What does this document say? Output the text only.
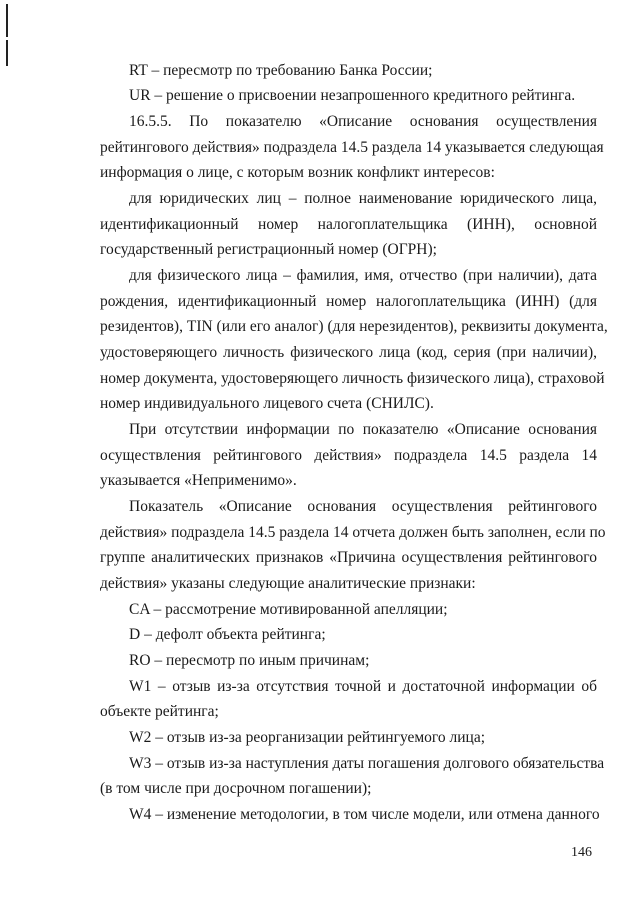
RT – пересмотр по требованию Банка России;

UR – решение о присвоении незапрошенного кредитного рейтинга.

16.5.5. По показателю «Описание основания осуществления

рейтингового действия» подраздела 14.5 раздела 14 указывается следующая

информация о лице, с которым возник конфликт интересов:

для юридических лиц – полное наименование юридического лица,

идентификационный номер налогоплательщика (ИНН), основной

государственный регистрационный номер (ОГРН);

для физического лица – фамилия, имя, отчество (при наличии), дата

рождения, идентификационный номер налогоплательщика (ИНН) (для

резидентов), TIN (или его аналог) (для нерезидентов), реквизиты документа,

удостоверяющего личность физического лица (код, серия (при наличии),

номер документа, удостоверяющего личность физического лица), страховой

номер индивидуального лицевого счета (СНИЛС).

При отсутствии информации по показателю «Описание основания

осуществления рейтингового действия» подраздела 14.5 раздела 14

указывается «Неприменимо».

Показатель «Описание основания осуществления рейтингового

действия» подраздела 14.5 раздела 14 отчета должен быть заполнен, если по

группе аналитических признаков «Причина осуществления рейтингового

действия» указаны следующие аналитические признаки:

CA – рассмотрение мотивированной апелляции;

D – дефолт объекта рейтинга;

RO – пересмотр по иным причинам;

W1 – отзыв из-за отсутствия точной и достаточной информации об

объекте рейтинга;

W2 – отзыв из-за реорганизации рейтингуемого лица;

W3 – отзыв из-за наступления даты погашения долгового обязательства

(в том числе при досрочном погашении);

W4 – изменение методологии, в том числе модели, или отмена данного

146
